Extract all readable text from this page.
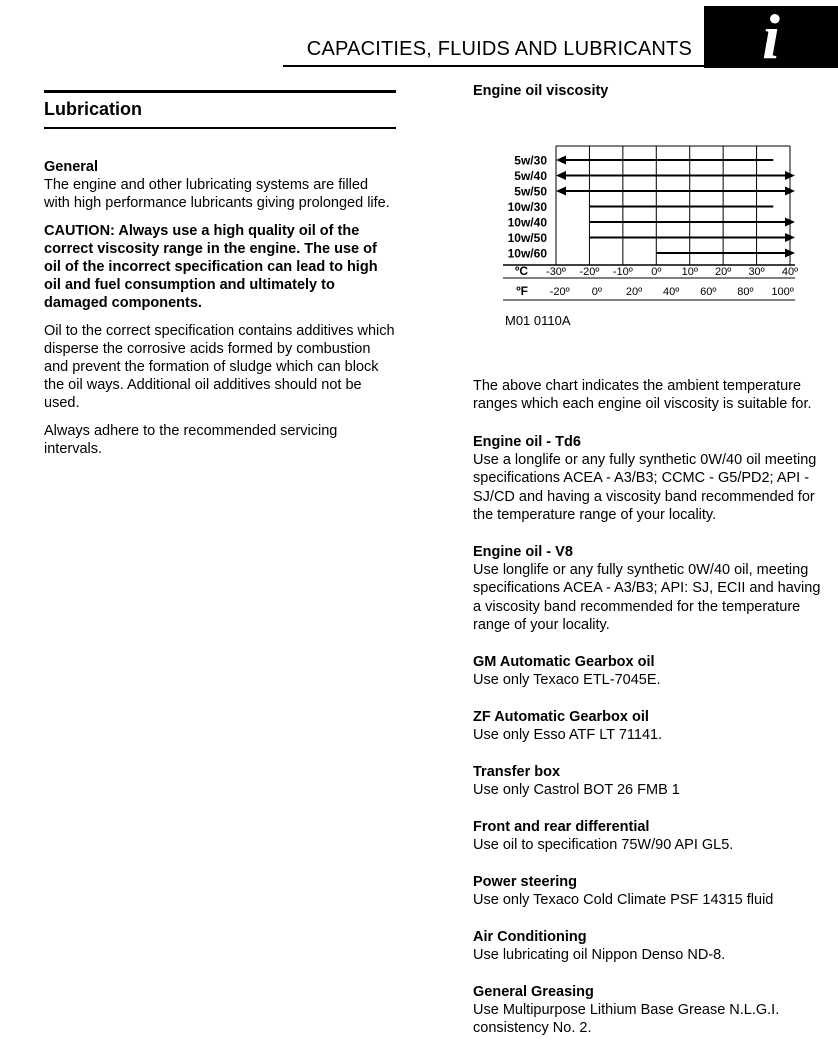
CAPACITIES, FLUIDS AND LUBRICANTS	i
Lubrication

General
The engine and other lubricating systems are filled with high performance lubricants giving prolonged life.

CAUTION: Always use a high quality oil of the correct viscosity range in the engine. The use of oil of the incorrect specification can lead to high oil and fuel consumption and ultimately to damaged components.

Oil to the correct specification contains additives which disperse the corrosive acids formed by combustion and prevent the formation of sludge which can block the oil ways. Additional oil additives should not be used.

Always adhere to the recommended servicing intervals.

Engine oil viscosity

5w/30
5w/40
5w/50
10w/30
10w/40
10w/50
10w/60
ºC -30º -20º -10º 0º 10º 20º 30º 40º
ºF -20º 0º 20º 40º 60º 80º 100º
M01 0110A
The above chart indicates the ambient temperature ranges which each engine oil viscosity is suitable for.
Engine oil - Td6
Use a longlife or any fully synthetic 0W/40 oil meeting specifications ACEA - A3/B3; CCMC - G5/PD2; API - SJ/CD and having a viscosity band recommended for the temperature range of your locality.
Engine oil - V8
Use longlife or any fully synthetic 0W/40 oil, meeting specifications ACEA - A3/B3; API: SJ, ECII and having a viscosity band recommended for the temperature range of your locality.
GM Automatic Gearbox oil
Use only Texaco ETL-7045E.
ZF Automatic Gearbox oil
Use only Esso ATF LT 71141.
Transfer box
Use only Castrol BOT 26 FMB 1
Front and rear differential
Use oil to specification 75W/90 API GL5.
Power steering
Use only Texaco Cold Climate PSF 14315 fluid
Air Conditioning
Use lubricating oil Nippon Denso ND-8.
General Greasing
Use Multipurpose Lithium Base Grease N.L.G.I. consistency No. 2.
